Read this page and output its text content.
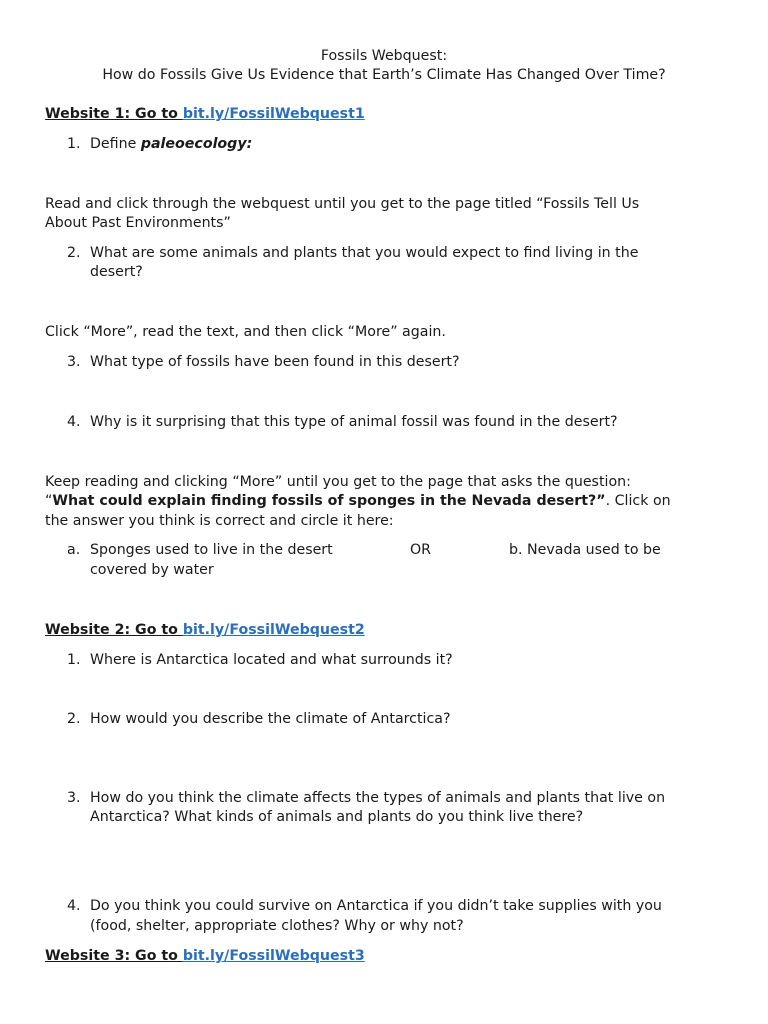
Fossils Webquest:
How do Fossils Give Us Evidence that Earth’s Climate Has Changed Over Time?
Website 1: Go to bit.ly/FossilWebquest1
1. Define paleoecology:
Read and click through the webquest until you get to the page titled “Fossils Tell Us
About Past Environments”
2. What are some animals and plants that you would expect to find living in the
desert?
Click “More”, read the text, and then click “More” again.
3. What type of fossils have been found in this desert?
4. Why is it surprising that this type of animal fossil was found in the desert?
Keep reading and clicking “More” until you get to the page that asks the question:
“What could explain finding fossils of sponges in the Nevada desert?”. Click on
the answer you think is correct and circle it here:
a. Sponges used to live in the desert	OR	b. Nevada used to be
covered by water
Website 2: Go to bit.ly/FossilWebquest2
1. Where is Antarctica located and what surrounds it?
2. How would you describe the climate of Antarctica?
3. How do you think the climate affects the types of animals and plants that live on
Antarctica? What kinds of animals and plants do you think live there?
4. Do you think you could survive on Antarctica if you didn’t take supplies with you
(food, shelter, appropriate clothes? Why or why not?
Website 3: Go to bit.ly/FossilWebquest3
